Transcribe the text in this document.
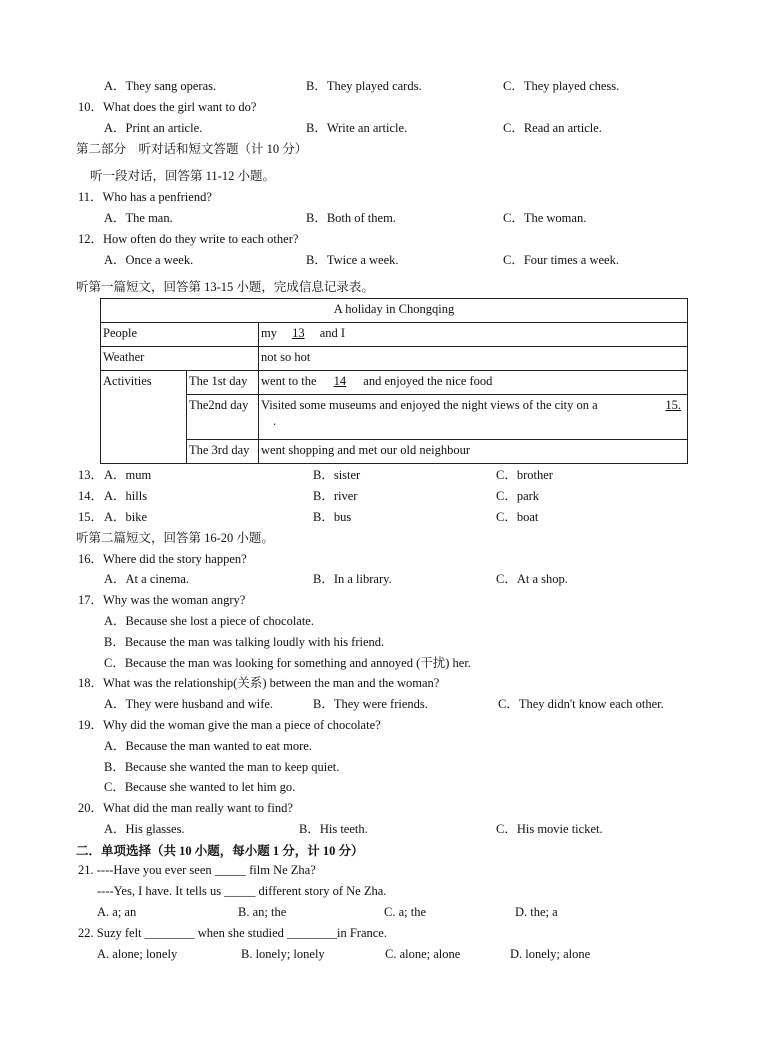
A．They sang operas.	B．They played cards.	C．They played chess.
10．What does the girl want to do?
A．Print an article.	B．Write an article.	C．Read an article.
第二部分　听对话和短文答题（计 10 分）
听一段对话，回答第 11-12 小题。
11．Who has a penfriend?
A．The man.	B．Both of them.	C．The woman.
12．How often do they write to each other?
A．Once a week.	B．Twice a week.	C．Four times a week.
听第一篇短文，回答第 13-15 小题，完成信息记录表。
A holiday in Chongqing		
People		my 13 and I
Weather		not so hot
Activities	The 1st day	went to the 14 and enjoyed the nice food
	The2nd day	Visited some museums and enjoyed the night views of the city on a 15.
.

	The 3rd day	went shopping and met our old neighbour
13． A．mum	B．sister	C．brother
14． A．hills	B．river	C．park
15． A．bike	B．bus	C．boat
听第二篇短文，回答第 16-20 小题。
16．Where did the story happen?
A．At a cinema.	B．In a library.	C．At a shop.
17．Why was the woman angry?
A．Because she lost a piece of chocolate.
B．Because the man was talking loudly with his friend.
C．Because the man was looking for something and annoyed (干扰) her.
18．What was the relationship(关系) between the man and the woman?
A．They were husband and wife.	B．They were friends.	C．They didn't know each other.
19．Why did the woman give the man a piece of chocolate?
A．Because the man wanted to eat more.
B．Because she wanted the man to keep quiet.
C．Because she wanted to let him go.
20．What did the man really want to find?
A．His glasses.	B．His teeth.	C．His movie ticket.
二．单项选择（共 10 小题，每小题 1 分，计 10 分）
21. ----Have you ever seen _____ film Ne Zha?
----Yes, I have. It tells us _____ different story of Ne Zha.
A. a; an	B. an; the	C. a; the	D. the; a
22. Suzy felt ________ when she studied ________in France.
A. alone; lonely	B. lonely; lonely	C. alone; alone	D. lonely; alone
